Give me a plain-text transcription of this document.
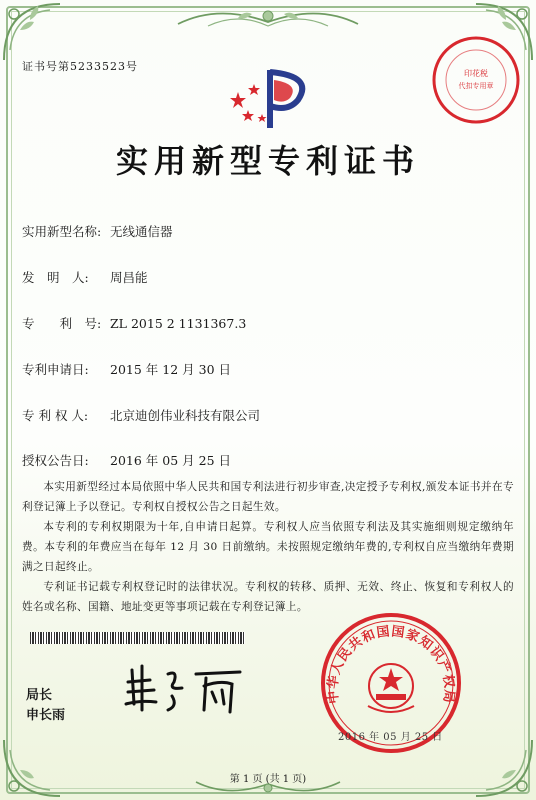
证书号第5233523号
印花税
代扣专用章
实用新型专利证书
实用新型名称: 无线通信器
发　明　人: 周昌能
专　　利　号: ZL 2015 2 1131367.3
专利申请日: 2015 年 12 月 30 日
专 利 权 人: 北京迪创伟业科技有限公司
授权公告日: 2016 年 05 月 25 日
本实用新型经过本局依照中华人民共和国专利法进行初步审查,决定授予专利权,颁发本证书并在专利登记簿上予以登记。专利权自授权公告之日起生效。
本专利的专利权期限为十年,自申请日起算。专利权人应当依照专利法及其实施细则规定缴纳年费。本专利的年费应当在每年 12 月 30 日前缴纳。未按照规定缴纳年费的,专利权自应当缴纳年费期满之日起终止。
专利证书记载专利权登记时的法律状况。专利权的转移、质押、无效、终止、恢复和专利权人的姓名或名称、国籍、地址变更等事项记载在专利登记簿上。
局长
申长雨
中华人民共和国国家知识产权局
2016 年 05 月 25 日
第 1 页 (共 1 页)
